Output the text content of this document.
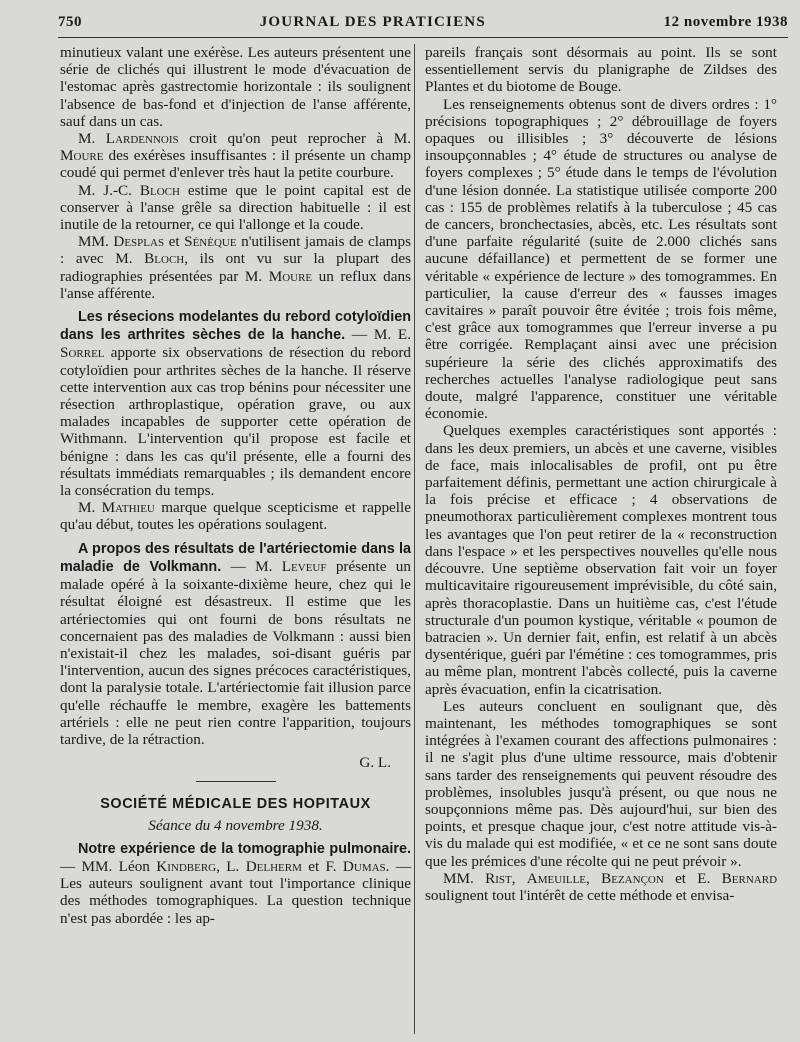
750	JOURNAL DES PRATICIENS	12 novembre 1938

minutieux valant une exérèse. Les auteurs présentent une série de clichés qui illustrent le mode d'évacuation de l'estomac après gastrectomie horizontale : ils soulignent l'absence de bas-fond et d'injection de l'anse afférente, sauf dans un cas.

M. Lardennois croit qu'on peut reprocher à M. Moure des exérèses insuffisantes : il présente un champ coudé qui permet d'enlever très haut la petite courbure.

M. J.-C. Bloch estime que le point capital est de conserver à l'anse grêle sa direction habituelle : il est inutile de la retourner, ce qui l'allonge et la coude.

MM. Desplas et Sénèque n'utilisent jamais de clamps : avec M. Bloch, ils ont vu sur la plupart des radiographies présentées par M. Moure un reflux dans l'anse afférente.

Les résecions modelantes du rebord cotyloïdien dans les arthrites sèches de la hanche. — M. E. Sorrel apporte six observations de résection du rebord cotyloïdien pour arthrites sèches de la hanche. Il réserve cette intervention aux cas trop bénins pour nécessiter une résection arthroplastique, opération grave, ou aux malades incapables de supporter cette opération de Withmann. L'intervention qu'il propose est facile et bénigne : dans les cas qu'il présente, elle a fourni des résultats immédiats remarquables ; ils demandent encore la consécration du temps.

M. Mathieu marque quelque scepticisme et rappelle qu'au début, toutes les opérations soulagent.

A propos des résultats de l'artériectomie dans la maladie de Volkmann. — M. Leveuf présente un malade opéré à la soixante-dixième heure, chez qui le résultat éloigné est désastreux. Il estime que les artériectomies qui ont fourni de bons résultats ne concernaient pas des maladies de Volkmann : aussi bien n'existait-il chez les malades, soi-disant guéris par l'intervention, aucun des signes précoces caractéristiques, dont la paralysie totale. L'artériectomie fait illusion parce qu'elle réchauffe le membre, exagère les battements artériels : elle ne peut rien contre l'apparition, toujours tardive, de la rétraction.

G. L.
SOCIÉTÉ MÉDICALE DES HOPITAUX
Séance du 4 novembre 1938.

Notre expérience de la tomographie pulmonaire. — MM. Léon Kindberg, L. Delherm et F. Dumas. — Les auteurs soulignent avant tout l'importance clinique des méthodes tomographiques. La question technique n'est pas abordée : les ap-

pareils français sont désormais au point. Ils se sont essentiellement servis du planigraphe de Zildses des Plantes et du biotome de Bouge.

Les renseignements obtenus sont de divers ordres : 1° précisions topographiques ; 2° débrouillage de foyers opaques ou illisibles ; 3° découverte de lésions insoupçonnables ; 4° étude de structures ou analyse de foyers complexes ; 5° étude dans le temps de l'évolution d'une lésion donnée. La statistique utilisée comporte 200 cas : 155 de problèmes relatifs à la tuberculose ; 45 cas de cancers, bronchectasies, abcès, etc. Les résultats sont d'une parfaite régularité (suite de 2.000 clichés sans aucune défaillance) et permettent de se former une véritable « expérience de lecture » des tomogrammes. En particulier, la cause d'erreur des « fausses images cavitaires » paraît pouvoir être évitée ; trois fois même, c'est grâce aux tomogrammes que l'erreur inverse a pu être corrigée. Remplaçant ainsi avec une précision supérieure la série des clichés approximatifs des recherches actuelles l'analyse radiologique peut sans doute, malgré l'apparence, constituer une véritable économie.

Quelques exemples caractéristiques sont apportés : dans les deux premiers, un abcès et une caverne, visibles de face, mais inlocalisables de profil, ont pu être parfaitement définis, permettant une action chirurgicale à la fois précise et efficace ; 4 observations de pneumothorax particulièrement complexes montrent tous les avantages que l'on peut retirer de la « reconstruction dans l'espace » et les perspectives nouvelles qu'elle nous découvre. Une septième observation fait voir un foyer multicavitaire rigoureusement imprévisible, du côté sain, après thoracoplastie. Dans un huitième cas, c'est l'étude structurale d'un poumon kystique, véritable « poumon de batracien ». Un dernier fait, enfin, est relatif à un abcès dysentérique, guéri par l'émétine : ces tomogrammes, pris au même plan, montrent l'abcès collecté, puis la caverne après évacuation, enfin la cicatrisation.

Les auteurs concluent en soulignant que, dès maintenant, les méthodes tomographiques se sont intégrées à l'examen courant des affections pulmonaires : il ne s'agit plus d'une ultime ressource, mais d'obtenir sans tarder des renseignements qui peuvent résoudre des problèmes, insolubles jusqu'à présent, ou que nous ne soupçonnions même pas. Dès aujourd'hui, sur bien des points, et presque chaque jour, c'est notre attitude vis-à-vis du malade qui est modifiée, « et ce ne sont sans doute que les prémices d'une récolte qui ne peut prévoir ».

MM. Rist, Ameuille, Bezançon et E. Bernard soulignent tout l'intérêt de cette méthode et envisa-
